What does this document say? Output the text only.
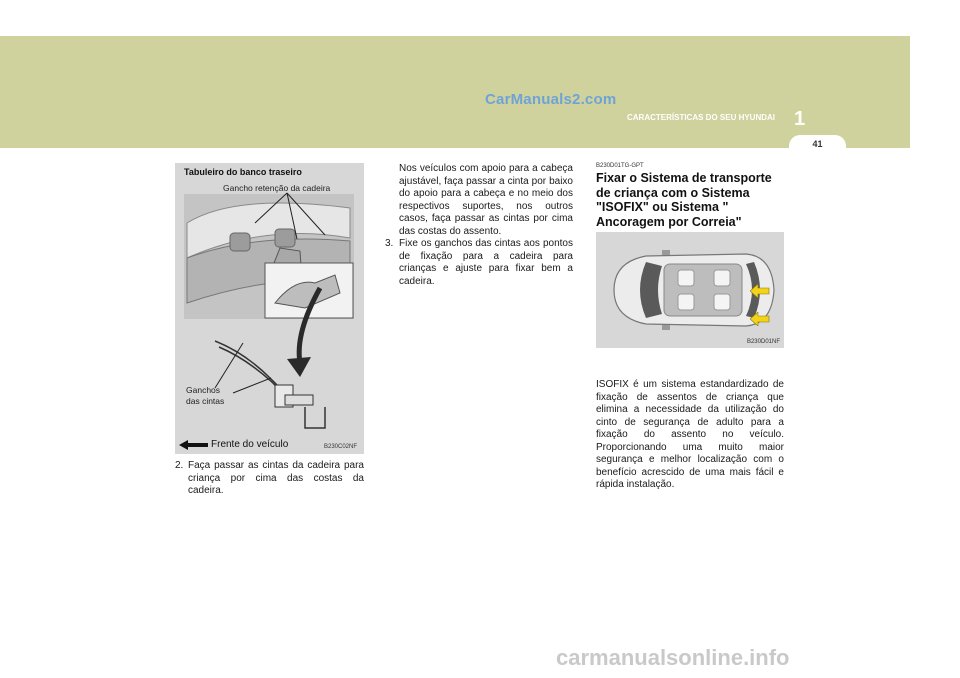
CarManuals2.com
CARACTERÍSTICAS DO SEU HYUNDAI 1
41
Tabuleiro do banco traseiro
Gancho retenção da cadeira
Ganchos
das cintas
Frente do veículo	B230C02NF
2. Faça passar as cintas da cadeira para criança por cima das costas da cadeira.

Nos veículos com apoio para a cabeça ajustável, faça passar a cinta por baixo do apoio para a cabeça e no meio dos respectivos suportes, nos outros casos, faça passar as cintas por cima das costas do assento.

3. Fixe os ganchos das cintas aos pontos de fixação para a cadeira para crianças e ajuste para fixar bem a cadeira.
B230D01TG-GPT
Fixar o Sistema de transporte de criança com o Sistema "ISOFIX" ou Sistema " Ancoragem por Correia"
B230D01NF

ISOFIX é um sistema estandardizado de fixação de assentos de criança que elimina a necessidade da utilização do cinto de segurança de adulto para a fixação do assento no veículo. Proporcionando uma muito maior segurança e melhor localização com o benefício acrescido de uma mais fácil e rápida instalação.

carmanualsonline.info
